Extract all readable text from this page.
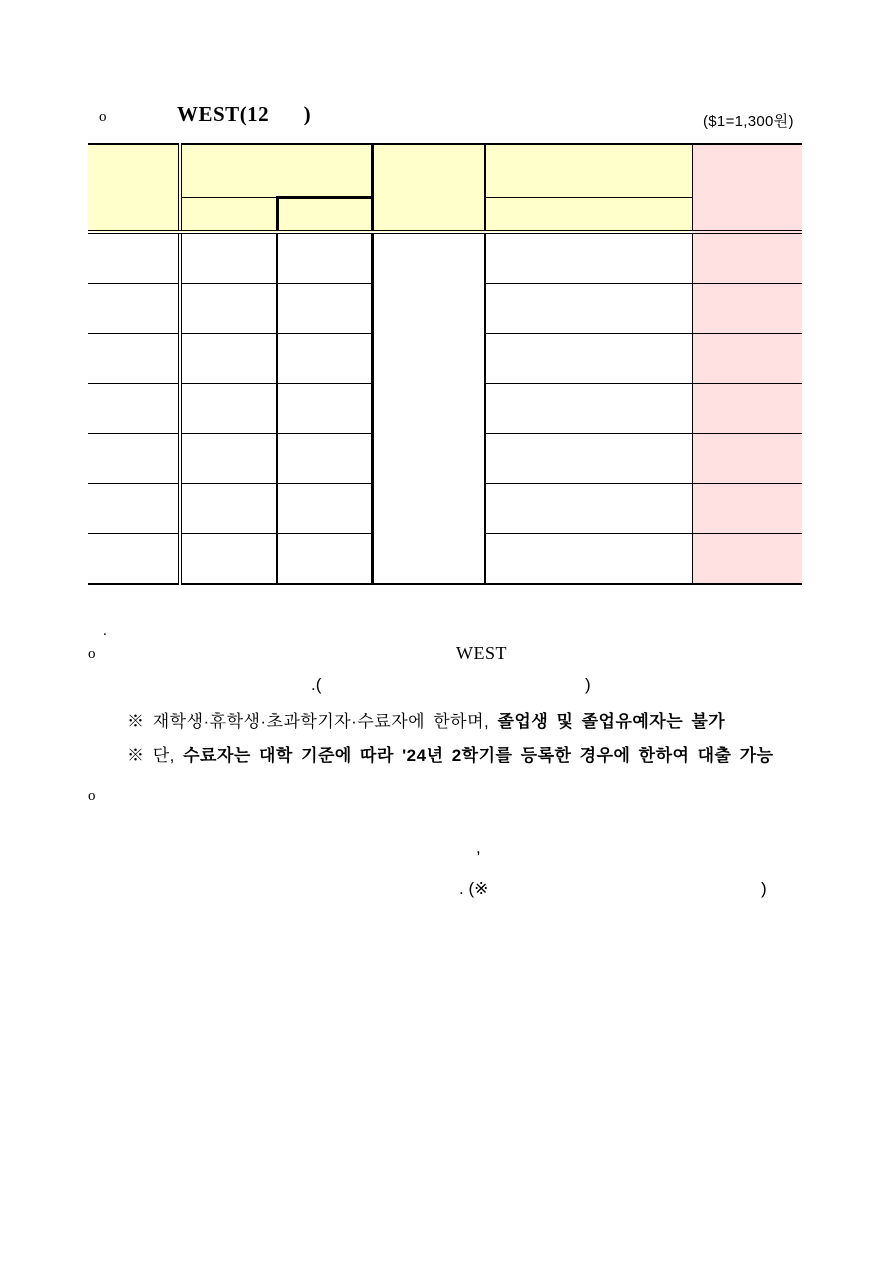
o	WEST(12      )	($1=1,300원)

.
o	WEST
.(	)
※ 재학생·휴학생·초과학기자·수료자에 한하며, 졸업생 및 졸업유예자는 불가
※ 단, 수료자는 대학 기준에 따라 '24년 2학기를 등록한 경우에 한하여 대출 가능
o
,
. (※	)
